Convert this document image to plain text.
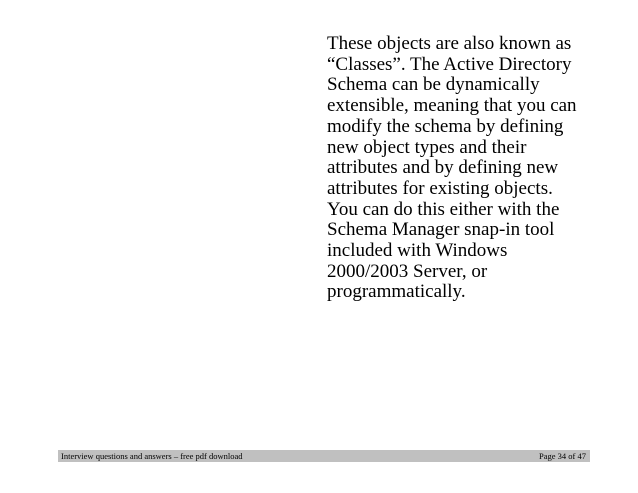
These objects are also known as
“Classes”. The Active Directory
Schema can be dynamically
extensible, meaning that you can
modify the schema by defining
new object types and their
attributes and by defining new
attributes for existing objects.
You can do this either with the
Schema Manager snap-in tool
included with Windows
2000/2003 Server, or
programmatically.
Interview questions and answers – free pdf download	Page 34 of 47
